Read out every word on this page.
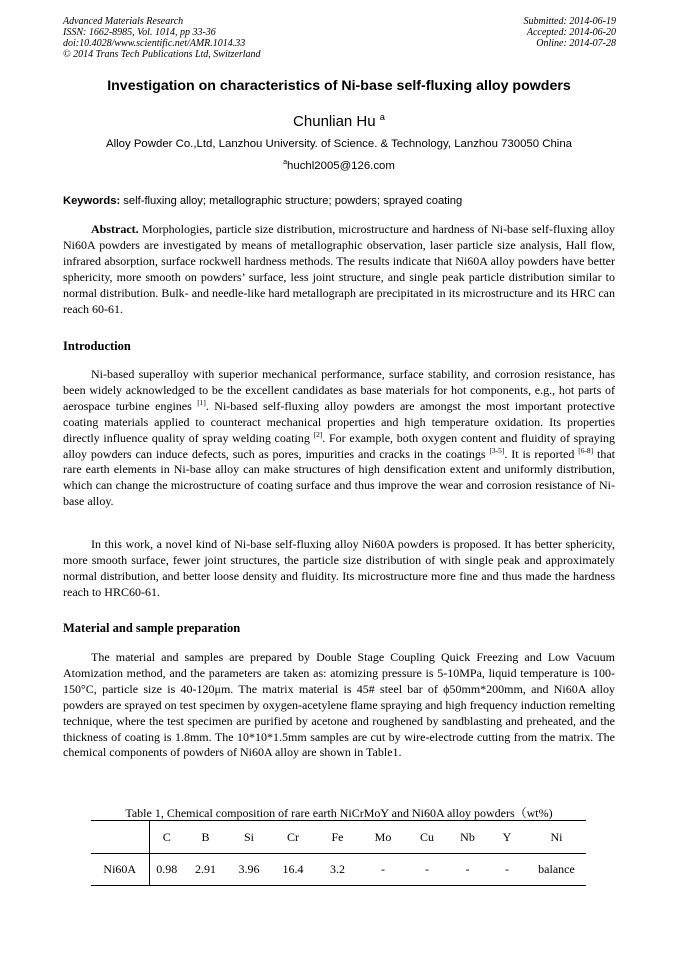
Advanced Materials Research
ISSN: 1662-8985, Vol. 1014, pp 33-36
doi:10.4028/www.scientific.net/AMR.1014.33
© 2014 Trans Tech Publications Ltd, Switzerland
Submitted: 2014-06-19
Accepted: 2014-06-20
Online: 2014-07-28
Investigation on characteristics of Ni-base self-fluxing alloy powders
Chunlian Hu $^a$
Alloy Powder Co.,Ltd, Lanzhou University. of Science. & Technology, Lanzhou 730050 China
$^a$huchl2005@126.com
Keywords: self-fluxing alloy; metallographic structure; powders; sprayed coating

Abstract. Morphologies, particle size distribution, microstructure and hardness of Ni-base self-fluxing alloy Ni60A powders are investigated by means of metallographic observation, laser particle size analysis, Hall flow, infrared absorption, surface rockwell hardness methods. The results indicate that Ni60A alloy powders have better sphericity, more smooth on powders’ surface, less joint structure, and single peak particle distribution similar to normal distribution. Bulk- and needle-like hard metallograph are precipitated in its microstructure and its HRC can reach 60-61.

Introduction

Ni-based superalloy with superior mechanical performance, surface stability, and corrosion resistance, has been widely acknowledged to be the excellent candidates as base materials for hot components, e.g., hot parts of aerospace turbine engines [1]. Ni-based self-fluxing alloy powders are amongst the most important protective coating materials applied to counteract mechanical properties and high temperature oxidation. Its properties directly influence quality of spray welding coating [2]. For example, both oxygen content and fluidity of spraying alloy powders can induce defects, such as pores, impurities and cracks in the coatings [3-5]. It is reported [6-8] that rare earth elements in Ni-base alloy can make structures of high densification extent and uniformly distribution, which can change the microstructure of coating surface and thus improve the wear and corrosion resistance of Ni-base alloy.

In this work, a novel kind of Ni-base self-fluxing alloy Ni60A powders is proposed. It has better sphericity, more smooth surface, fewer joint structures, the particle size distribution of with single peak and approximately normal distribution, and better loose density and fluidity. Its microstructure more fine and thus made the hardness reach to HRC60-61.

Material and sample preparation

The material and samples are prepared by Double Stage Coupling Quick Freezing and Low Vacuum Atomization method, and the parameters are taken as: atomizing pressure is 5-10MPa, liquid temperature is 100-150°C, particle size is 40-120μm. The matrix material is 45# steel bar of ϕ50mm*200mm, and Ni60A alloy powders are sprayed on test specimen by oxygen-acetylene flame spraying and high frequency induction remelting technique, where the test specimen are purified by acetone and roughened by sandblasting and preheated, and the thickness of coating is 1.8mm. The 10*10*1.5mm samples are cut by wire-electrode cutting from the matrix. The chemical components of powders of Ni60A alloy are shown in Table1.

Table 1, Chemical composition of rare earth NiCrMoY and Ni60A alloy powders（wt%)
	C	B	Si	Cr	Fe	Mo	Cu	Nb	Y	Ni
Ni60A	0.98	2.91	3.96	16.4	3.2	-	-	-	-	balance
